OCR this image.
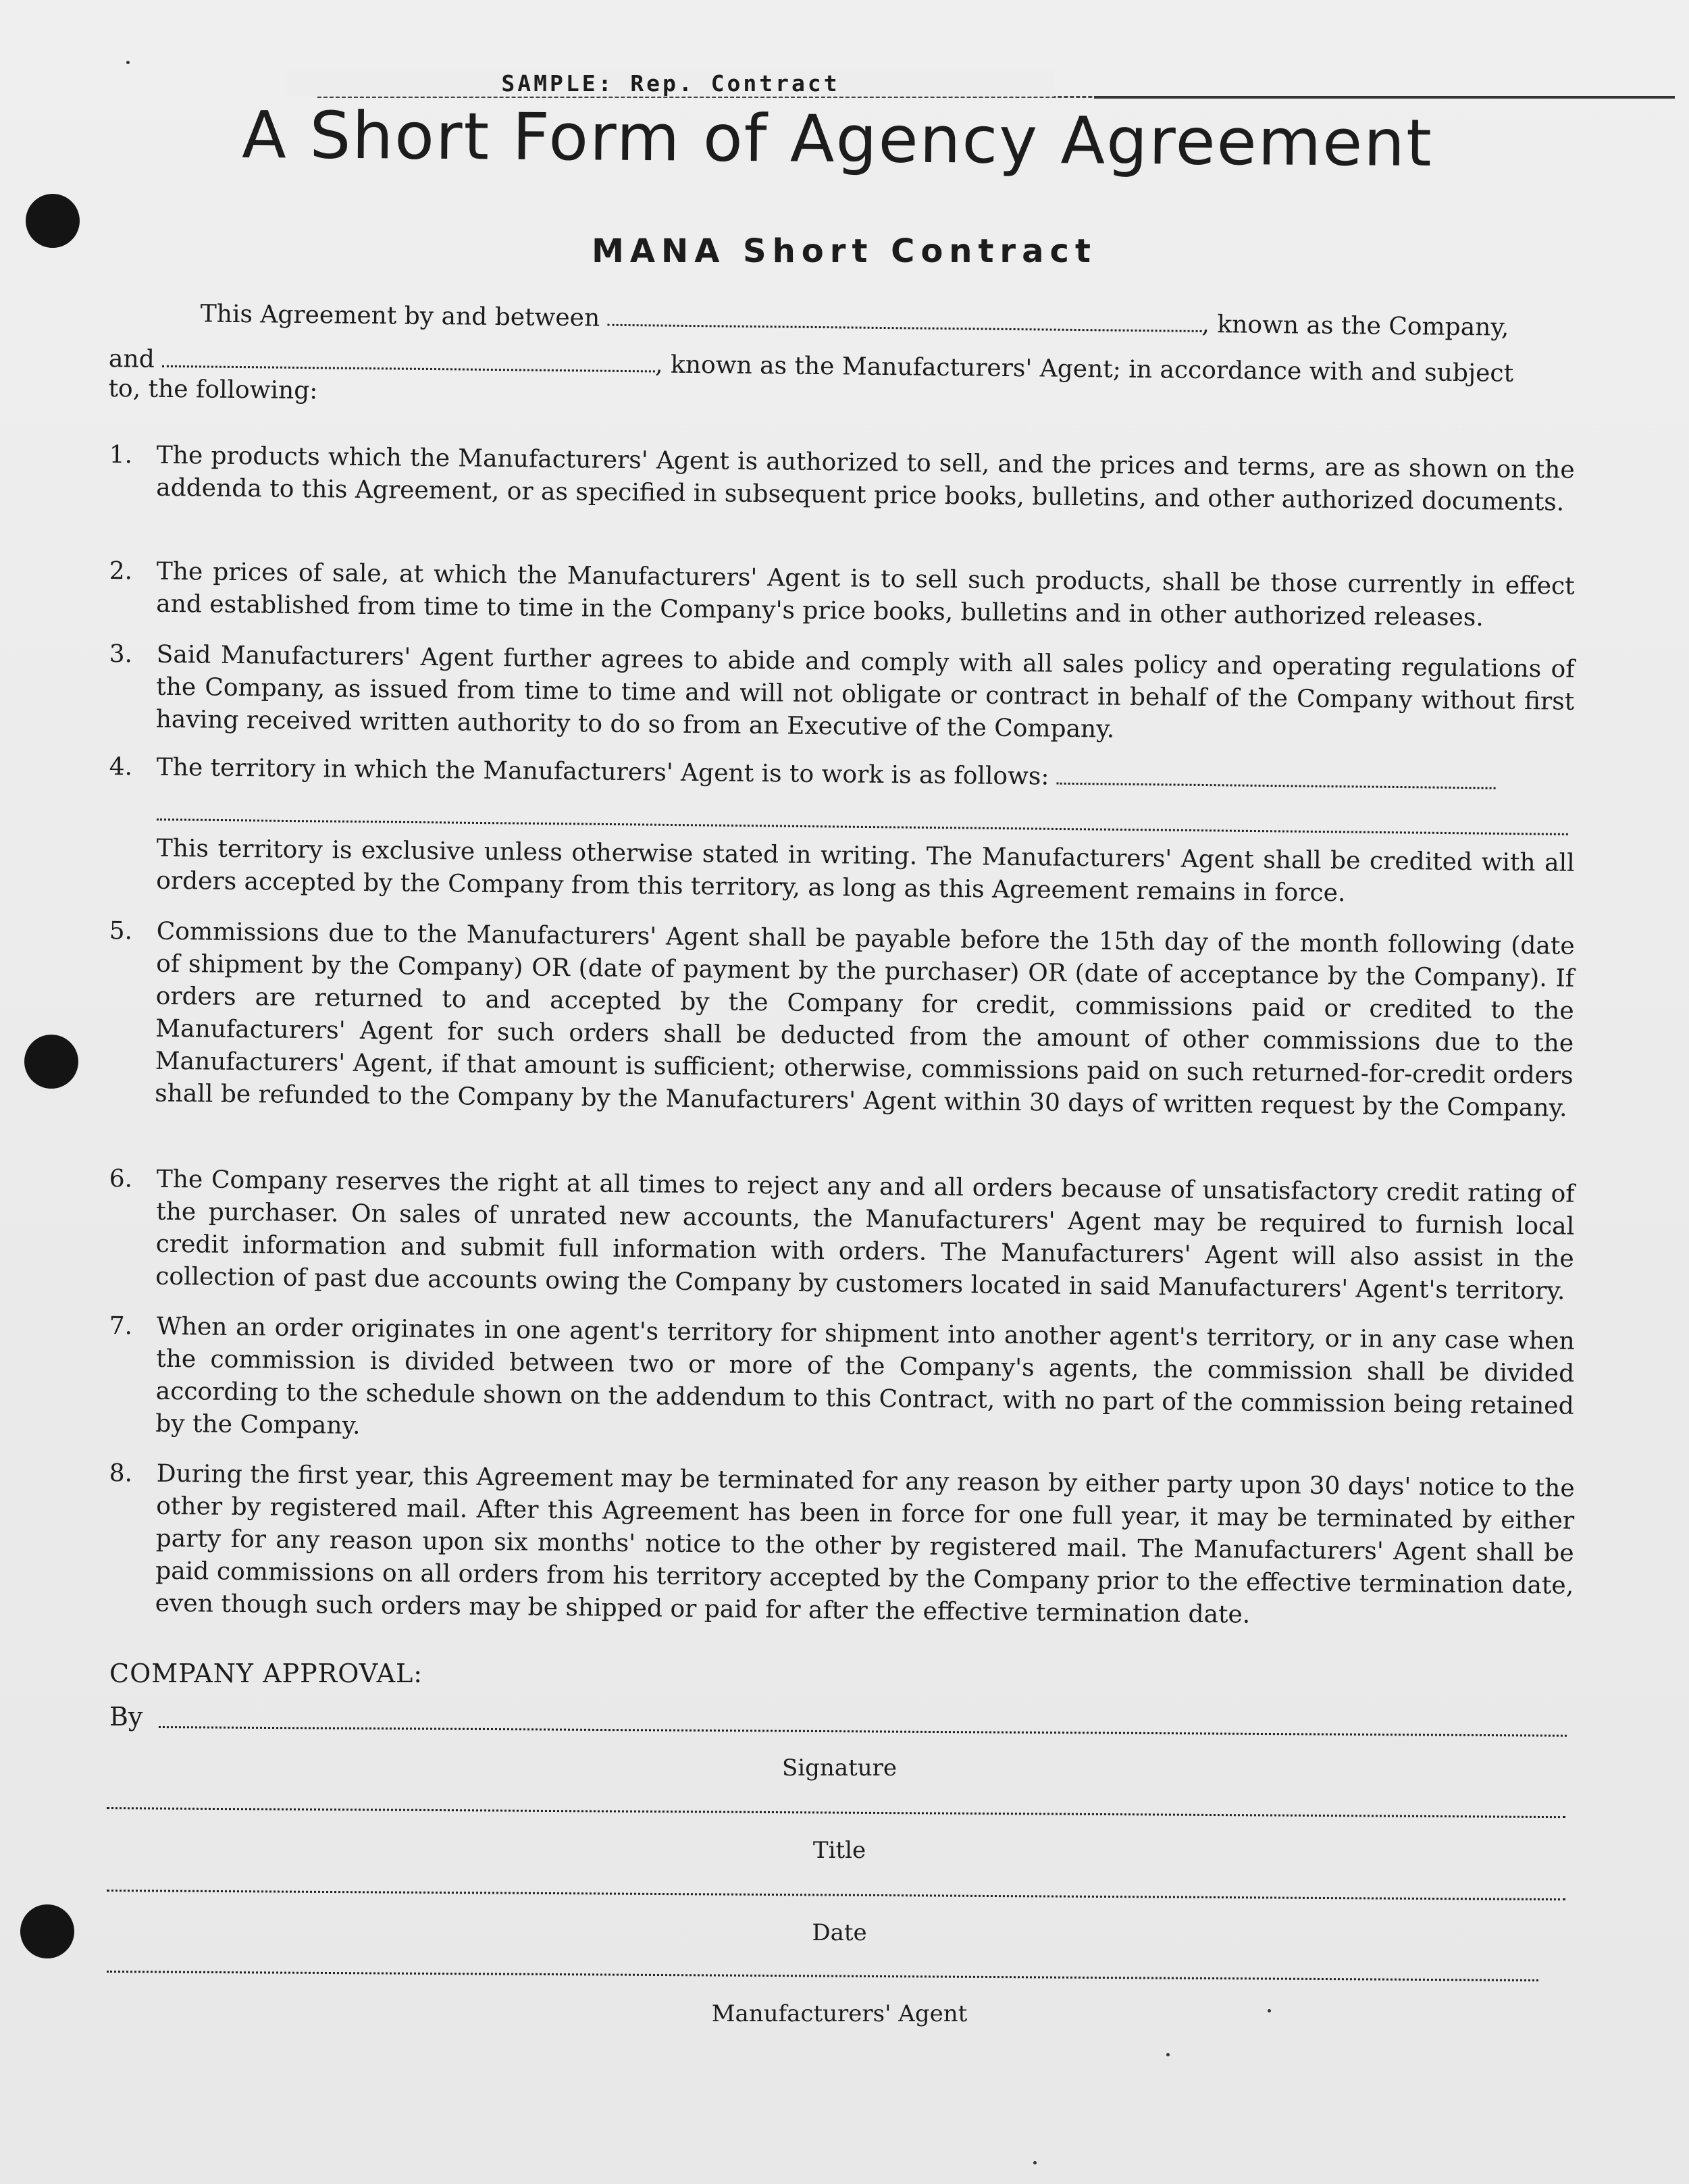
SAMPLE: Rep. Contract
A Short Form of Agency Agreement
MANA Short Contract
This Agreement by and between	, known as the Company,
and	, known as the Manufacturers' Agent; in accordance with and subject
to, the following:
1. The products which the Manufacturers' Agent is authorized to sell, and the prices and terms, are as shown on the addenda to this Agreement, or as specified in subsequent price books, bulletins, and other authorized documents.
2. The prices of sale, at which the Manufacturers' Agent is to sell such products, shall be those currently in effect and established from time to time in the Company's price books, bulletins and in other authorized releases.
3. Said Manufacturers' Agent further agrees to abide and comply with all sales policy and operating regulations of the Company, as issued from time to time and will not obligate or contract in behalf of the Company without first having received written authority to do so from an Executive of the Company.
4. The territory in which the Manufacturers' Agent is to work is as follows:
This territory is exclusive unless otherwise stated in writing. The Manufacturers' Agent shall be credited with all orders accepted by the Company from this territory, as long as this Agreement remains in force.
5. Commissions due to the Manufacturers' Agent shall be payable before the 15th day of the month following (date of shipment by the Company) OR (date of payment by the purchaser) OR (date of acceptance by the Company). If orders are returned to and accepted by the Company for credit, commissions paid or credited to the Manufacturers' Agent for such orders shall be deducted from the amount of other commissions due to the Manufacturers' Agent, if that amount is sufficient; otherwise, commissions paid on such returned-for-credit orders shall be refunded to the Company by the Manufacturers' Agent within 30 days of written request by the Company.
6. The Company reserves the right at all times to reject any and all orders because of unsatisfactory credit rating of the purchaser. On sales of unrated new accounts, the Manufacturers' Agent may be required to furnish local credit information and submit full information with orders. The Manufacturers' Agent will also assist in the collection of past due accounts owing the Company by customers located in said Manufacturers' Agent's territory.
7. When an order originates in one agent's territory for shipment into another agent's territory, or in any case when the commission is divided between two or more of the Company's agents, the commission shall be divided according to the schedule shown on the addendum to this Contract, with no part of the commission being retained by the Company.
8. During the first year, this Agreement may be terminated for any reason by either party upon 30 days' notice to the other by registered mail. After this Agreement has been in force for one full year, it may be terminated by either party for any reason upon six months' notice to the other by registered mail. The Manufacturers' Agent shall be paid commissions on all orders from his territory accepted by the Company prior to the effective termination date, even though such orders may be shipped or paid for after the effective termination date.
COMPANY APPROVAL:
By
Signature
Title
Date
Manufacturers' Agent
